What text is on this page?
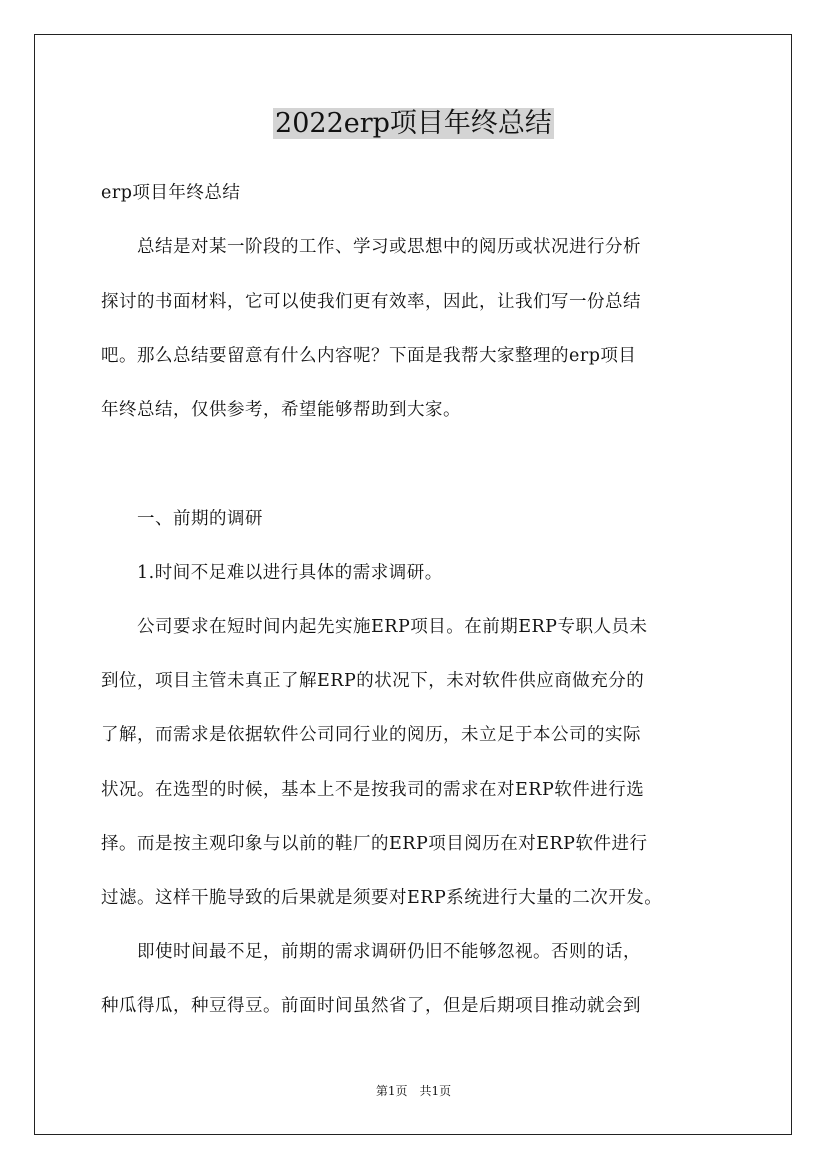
2022erp项目年终总结
erp项目年终总结
　　总结是对某一阶段的工作、学习或思想中的阅历或状况进行分析
探讨的书面材料，它可以使我们更有效率，因此，让我们写一份总结
吧。那么总结要留意有什么内容呢？下面是我帮大家整理的erp项目
年终总结，仅供参考，希望能够帮助到大家。
　　一、前期的调研
　　1.时间不足难以进行具体的需求调研。
　　公司要求在短时间内起先实施ERP项目。在前期ERP专职人员未
到位，项目主管未真正了解ERP的状况下，未对软件供应商做充分的
了解，而需求是依据软件公司同行业的阅历，未立足于本公司的实际
状况。在选型的时候，基本上不是按我司的需求在对ERP软件进行选
择。而是按主观印象与以前的鞋厂的ERP项目阅历在对ERP软件进行
过滤。这样干脆导致的后果就是须要对ERP系统进行大量的二次开发。
　　即使时间最不足，前期的需求调研仍旧不能够忽视。否则的话，
种瓜得瓜，种豆得豆。前面时间虽然省了，但是后期项目推动就会到
第1页　共1页
